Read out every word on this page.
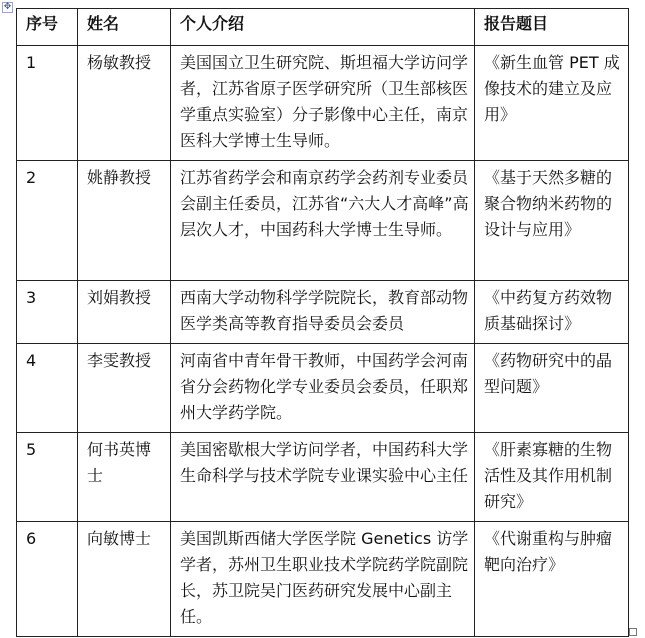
✥
序号	姓名	个人介绍	报告题目
1	杨敏教授	美国国立卫生研究院、斯坦福大学访问学者，江苏省原子医学研究所（卫生部核医学重点实验室）分子影像中心主任，南京医科大学博士生导师。	《新生血管 PET 成像技术的建立及应用》
2	姚静教授	江苏省药学会和南京药学会药剂专业委员会副主任委员，江苏省“六大人才高峰”高层次人才，中国药科大学博士生导师。	《基于天然多糖的聚合物纳米药物的设计与应用》
3	刘娟教授	西南大学动物科学学院院长，教育部动物医学类高等教育指导委员会委员	《中药复方药效物质基础探讨》
4	李雯教授	河南省中青年骨干教师，中国药学会河南省分会药物化学专业委员会委员，任职郑州大学药学院。	《药物研究中的晶型问题》
5	何书英博士	美国密歇根大学访问学者，中国药科大学生命科学与技术学院专业课实验中心主任	《肝素寡糖的生物活性及其作用机制研究》
6	向敏博士	美国凯斯西储大学医学院 Genetics 访学学者，苏州卫生职业技术学院药学院副院长，苏卫院吴门医药研究发展中心副主任。	《代谢重构与肿瘤靶向治疗》
